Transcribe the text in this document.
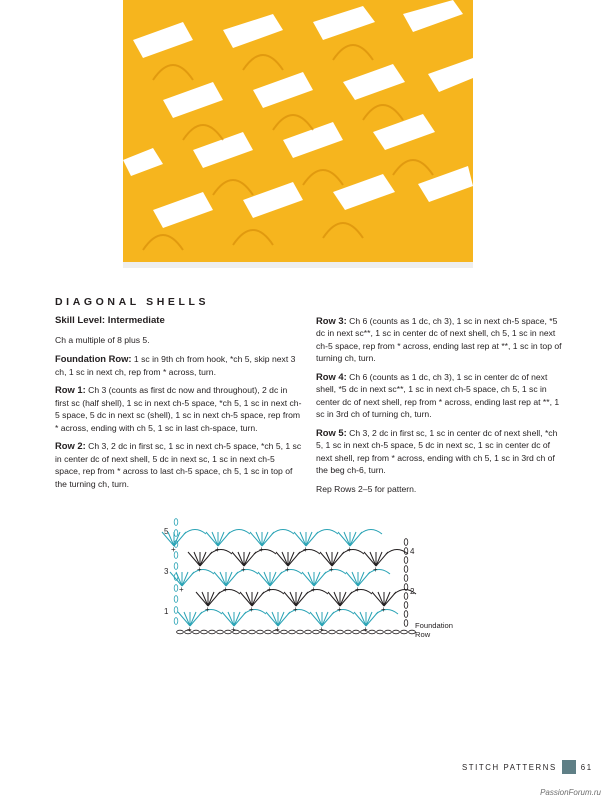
DIAGONAL SHELLS

Skill Level: Intermediate

Ch a multiple of 8 plus 5.

Foundation Row: 1 sc in 9th ch from hook, *ch 5, skip next 3 ch, 1 sc in next ch, rep from * across, turn.

Row 1: Ch 3 (counts as first dc now and throughout), 2 dc in first sc (half shell), 1 sc in next ch-5 space, *ch 5, 1 sc in next ch-5 space, 5 dc in next sc (shell), 1 sc in next ch-5 space, rep from * across, ending with ch 5, 1 sc in last ch-space, turn.

Row 2: Ch 3, 2 dc in first sc, 1 sc in next ch-5 space, *ch 5, 1 sc in center dc of next shell, 5 dc in next sc, 1 sc in next ch-5 space, rep from * across to last ch-5 space, ch 5, 1 sc in top of the turning ch, turn.

Row 3: Ch 6 (counts as 1 dc, ch 3), 1 sc in next ch-5 space, *5 dc in next sc**, 1 sc in center dc of next shell, ch 5, 1 sc in next ch-5 space, rep from * across, ending last rep at **, 1 sc in top of turning ch, turn.

Row 4: Ch 6 (counts as 1 dc, ch 3), 1 sc in center dc of next shell, *5 dc in next sc**, 1 sc in next ch-5 space, ch 5, 1 sc in center dc of next shell, rep from * across, ending last rep at **, 1 sc in 3rd ch of turning ch, turn.

Row 5: Ch 3, 2 dc in first sc, 1 sc in center dc of next shell, *ch 5, 1 sc in next ch-5 space, 5 dc in next sc, 1 sc in center dc of next shell, rep from * across, ending with ch 5, 1 sc in 3rd ch of the beg ch-6, turn.

Rep Rows 2–5 for pattern.

5
3
1
4
2
Foundation
Row
+	+	+	+	+
+	+	+	+	+
+	+	+	+	+
+	+	+	+	+
+	+	+	+	+
STITCH PATTERNS	61
PassionForum.ru
